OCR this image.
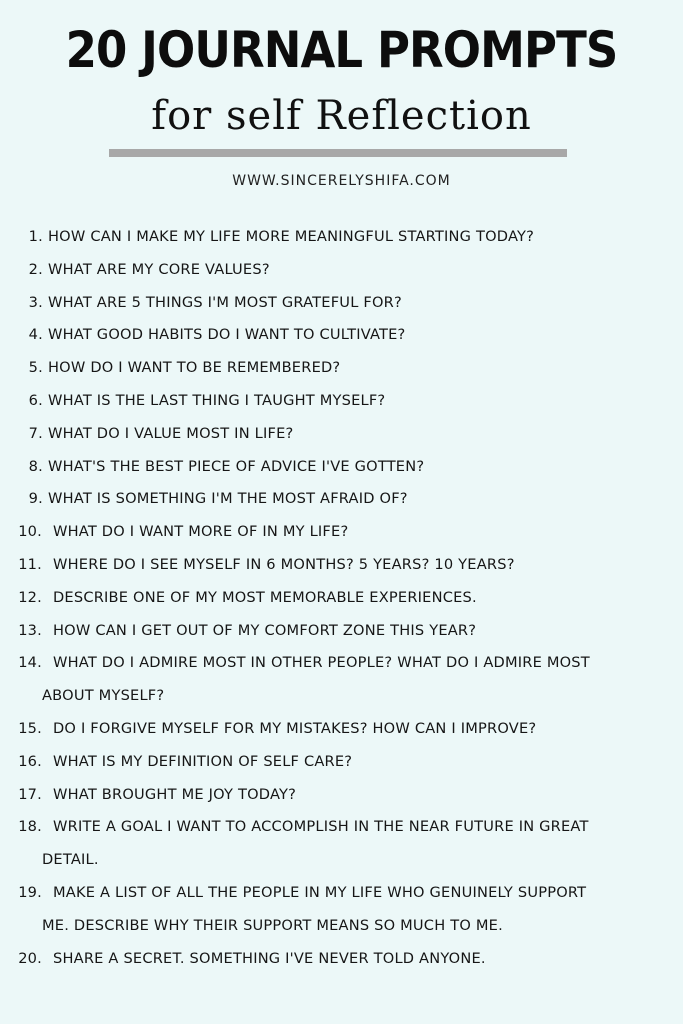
20 JOURNAL PROMPTS
for self Reflection
WWW.SINCERELYSHIFA.COM
1. HOW CAN I MAKE MY LIFE MORE MEANINGFUL STARTING TODAY?
2. WHAT ARE MY CORE VALUES?
3. WHAT ARE 5 THINGS I'M MOST GRATEFUL FOR?
4. WHAT GOOD HABITS DO I WANT TO CULTIVATE?
5. HOW DO I WANT TO BE REMEMBERED?
6. WHAT IS THE LAST THING I TAUGHT MYSELF?
7. WHAT DO I VALUE MOST IN LIFE?
8. WHAT'S THE BEST PIECE OF ADVICE I'VE GOTTEN?
9. WHAT IS SOMETHING I'M THE MOST AFRAID OF?
10. WHAT DO I WANT MORE OF IN MY LIFE?
11. WHERE DO I SEE MYSELF IN 6 MONTHS? 5 YEARS? 10 YEARS?
12. DESCRIBE ONE OF MY MOST MEMORABLE EXPERIENCES.
13. HOW CAN I GET OUT OF MY COMFORT ZONE THIS YEAR?
14. WHAT DO I ADMIRE MOST IN OTHER PEOPLE? WHAT DO I ADMIRE MOST
ABOUT MYSELF?
15. DO I FORGIVE MYSELF FOR MY MISTAKES? HOW CAN I IMPROVE?
16. WHAT IS MY DEFINITION OF SELF CARE?
17. WHAT BROUGHT ME JOY TODAY?
18. WRITE A GOAL I WANT TO ACCOMPLISH IN THE NEAR FUTURE IN GREAT
DETAIL.
19. MAKE A LIST OF ALL THE PEOPLE IN MY LIFE WHO GENUINELY SUPPORT
ME. DESCRIBE WHY THEIR SUPPORT MEANS SO MUCH TO ME.
20. SHARE A SECRET. SOMETHING I'VE NEVER TOLD ANYONE.
